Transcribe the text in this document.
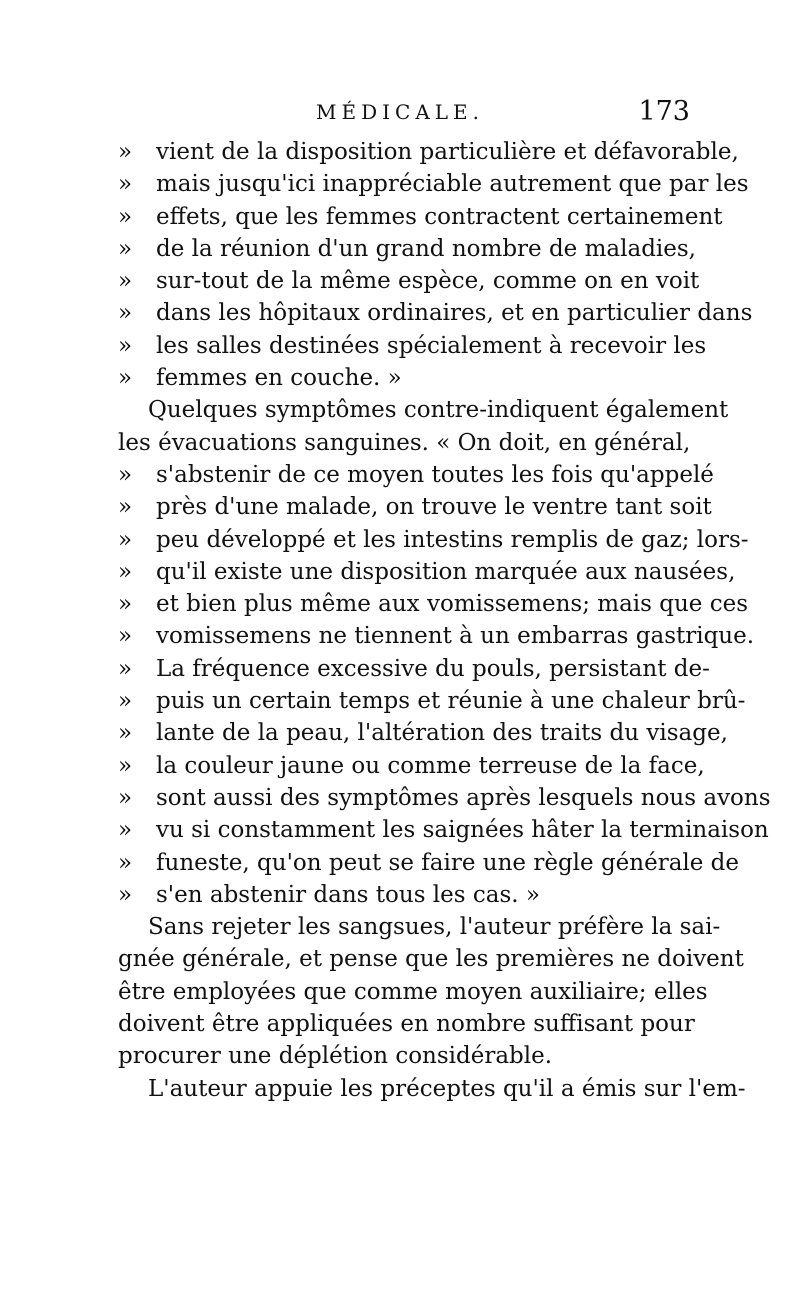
MÉDICALE.	173
» vient de la disposition particulière et défavorable,
» mais jusqu'ici inappréciable autrement que par les
» effets, que les femmes contractent certainement
» de la réunion d'un grand nombre de maladies,
» sur-tout de la même espèce, comme on en voit
» dans les hôpitaux ordinaires, et en particulier dans
» les salles destinées spécialement à recevoir les
» femmes en couche. »
Quelques symptômes contre-indiquent également
les évacuations sanguines. « On doit, en général,
» s'abstenir de ce moyen toutes les fois qu'appelé
» près d'une malade, on trouve le ventre tant soit
» peu développé et les intestins remplis de gaz; lors-
» qu'il existe une disposition marquée aux nausées,
» et bien plus même aux vomissemens; mais que ces
» vomissemens ne tiennent à un embarras gastrique.
» La fréquence excessive du pouls, persistant de-
» puis un certain temps et réunie à une chaleur brû-
» lante de la peau, l'altération des traits du visage,
» la couleur jaune ou comme terreuse de la face,
» sont aussi des symptômes après lesquels nous avons
» vu si constamment les saignées hâter la terminaison
» funeste, qu'on peut se faire une règle générale de
» s'en abstenir dans tous les cas. »
Sans rejeter les sangsues, l'auteur préfère la sai-
gnée générale, et pense que les premières ne doivent
être employées que comme moyen auxiliaire; elles
doivent être appliquées en nombre suffisant pour
procurer une déplétion considérable.
L'auteur appuie les préceptes qu'il a émis sur l'em-
